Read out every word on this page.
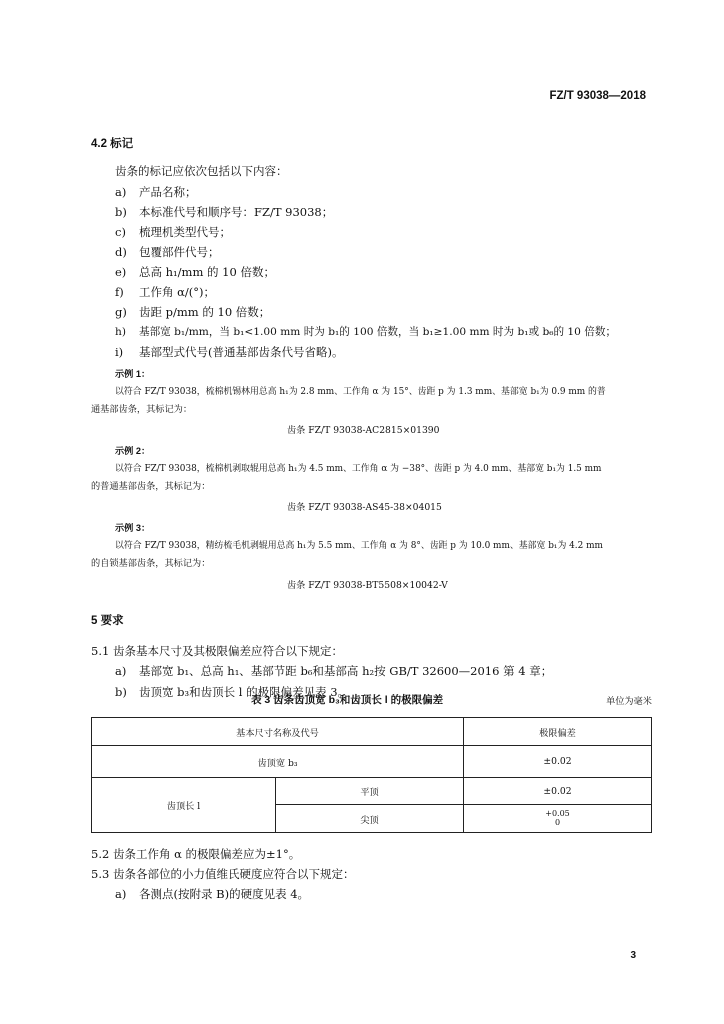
FZ/T 93038—2018
4.2 标记
齿条的标记应依次包括以下内容：
a) 产品名称；
b) 本标准代号和顺序号：FZ/T 93038；
c) 梳理机类型代号；
d) 包覆部件代号；
e) 总高 h₁/mm 的 10 倍数；
f) 工作角 α/(°)；
g) 齿距 p/mm 的 10 倍数；
h) 基部宽 b₁/mm，当 b₁<1.00 mm 时为 b₁的 100 倍数，当 b₁≥1.00 mm 时为 b₁或 b₆的 10 倍数；
i) 基部型式代号(普通基部齿条代号省略)。
示例 1：
以符合 FZ/T 93038，梳棉机锡林用总高 h₁为 2.8 mm、工作角 α 为 15°、齿距 p 为 1.3 mm、基部宽 b₁为 0.9 mm 的普
通基部齿条，其标记为：
齿条 FZ/T 93038-AC2815×01390
示例 2：
以符合 FZ/T 93038，梳棉机剥取辊用总高 h₁为 4.5 mm、工作角 α 为 −38°、齿距 p 为 4.0 mm、基部宽 b₁为 1.5 mm
的普通基部齿条，其标记为：
齿条 FZ/T 93038-AS45-38×04015
示例 3：
以符合 FZ/T 93038，精纺梳毛机剥辊用总高 h₁为 5.5 mm、工作角 α 为 8°、齿距 p 为 10.0 mm、基部宽 b₁为 4.2 mm
的自锁基部齿条，其标记为：
齿条 FZ/T 93038-BT5508×10042-V
5 要求
5.1 齿条基本尺寸及其极限偏差应符合以下规定：
a) 基部宽 b₁、总高 h₁、基部节距 b₆和基部高 h₂按 GB/T 32600—2016 第 4 章；
b) 齿顶宽 b₃和齿顶长 l 的极限偏差见表 3。
表 3 齿条齿顶宽 b₃和齿顶长 l 的极限偏差	单位为毫米
基本尺寸名称及代号		极限偏差
齿顶宽 b₃		±0.02
齿顶长 l	平顶	±0.02
	尖顶	+0.05
0
5.2 齿条工作角 α 的极限偏差应为±1°。
5.3 齿条各部位的小力值维氏硬度应符合以下规定：
a) 各测点(按附录 B)的硬度见表 4。
3
